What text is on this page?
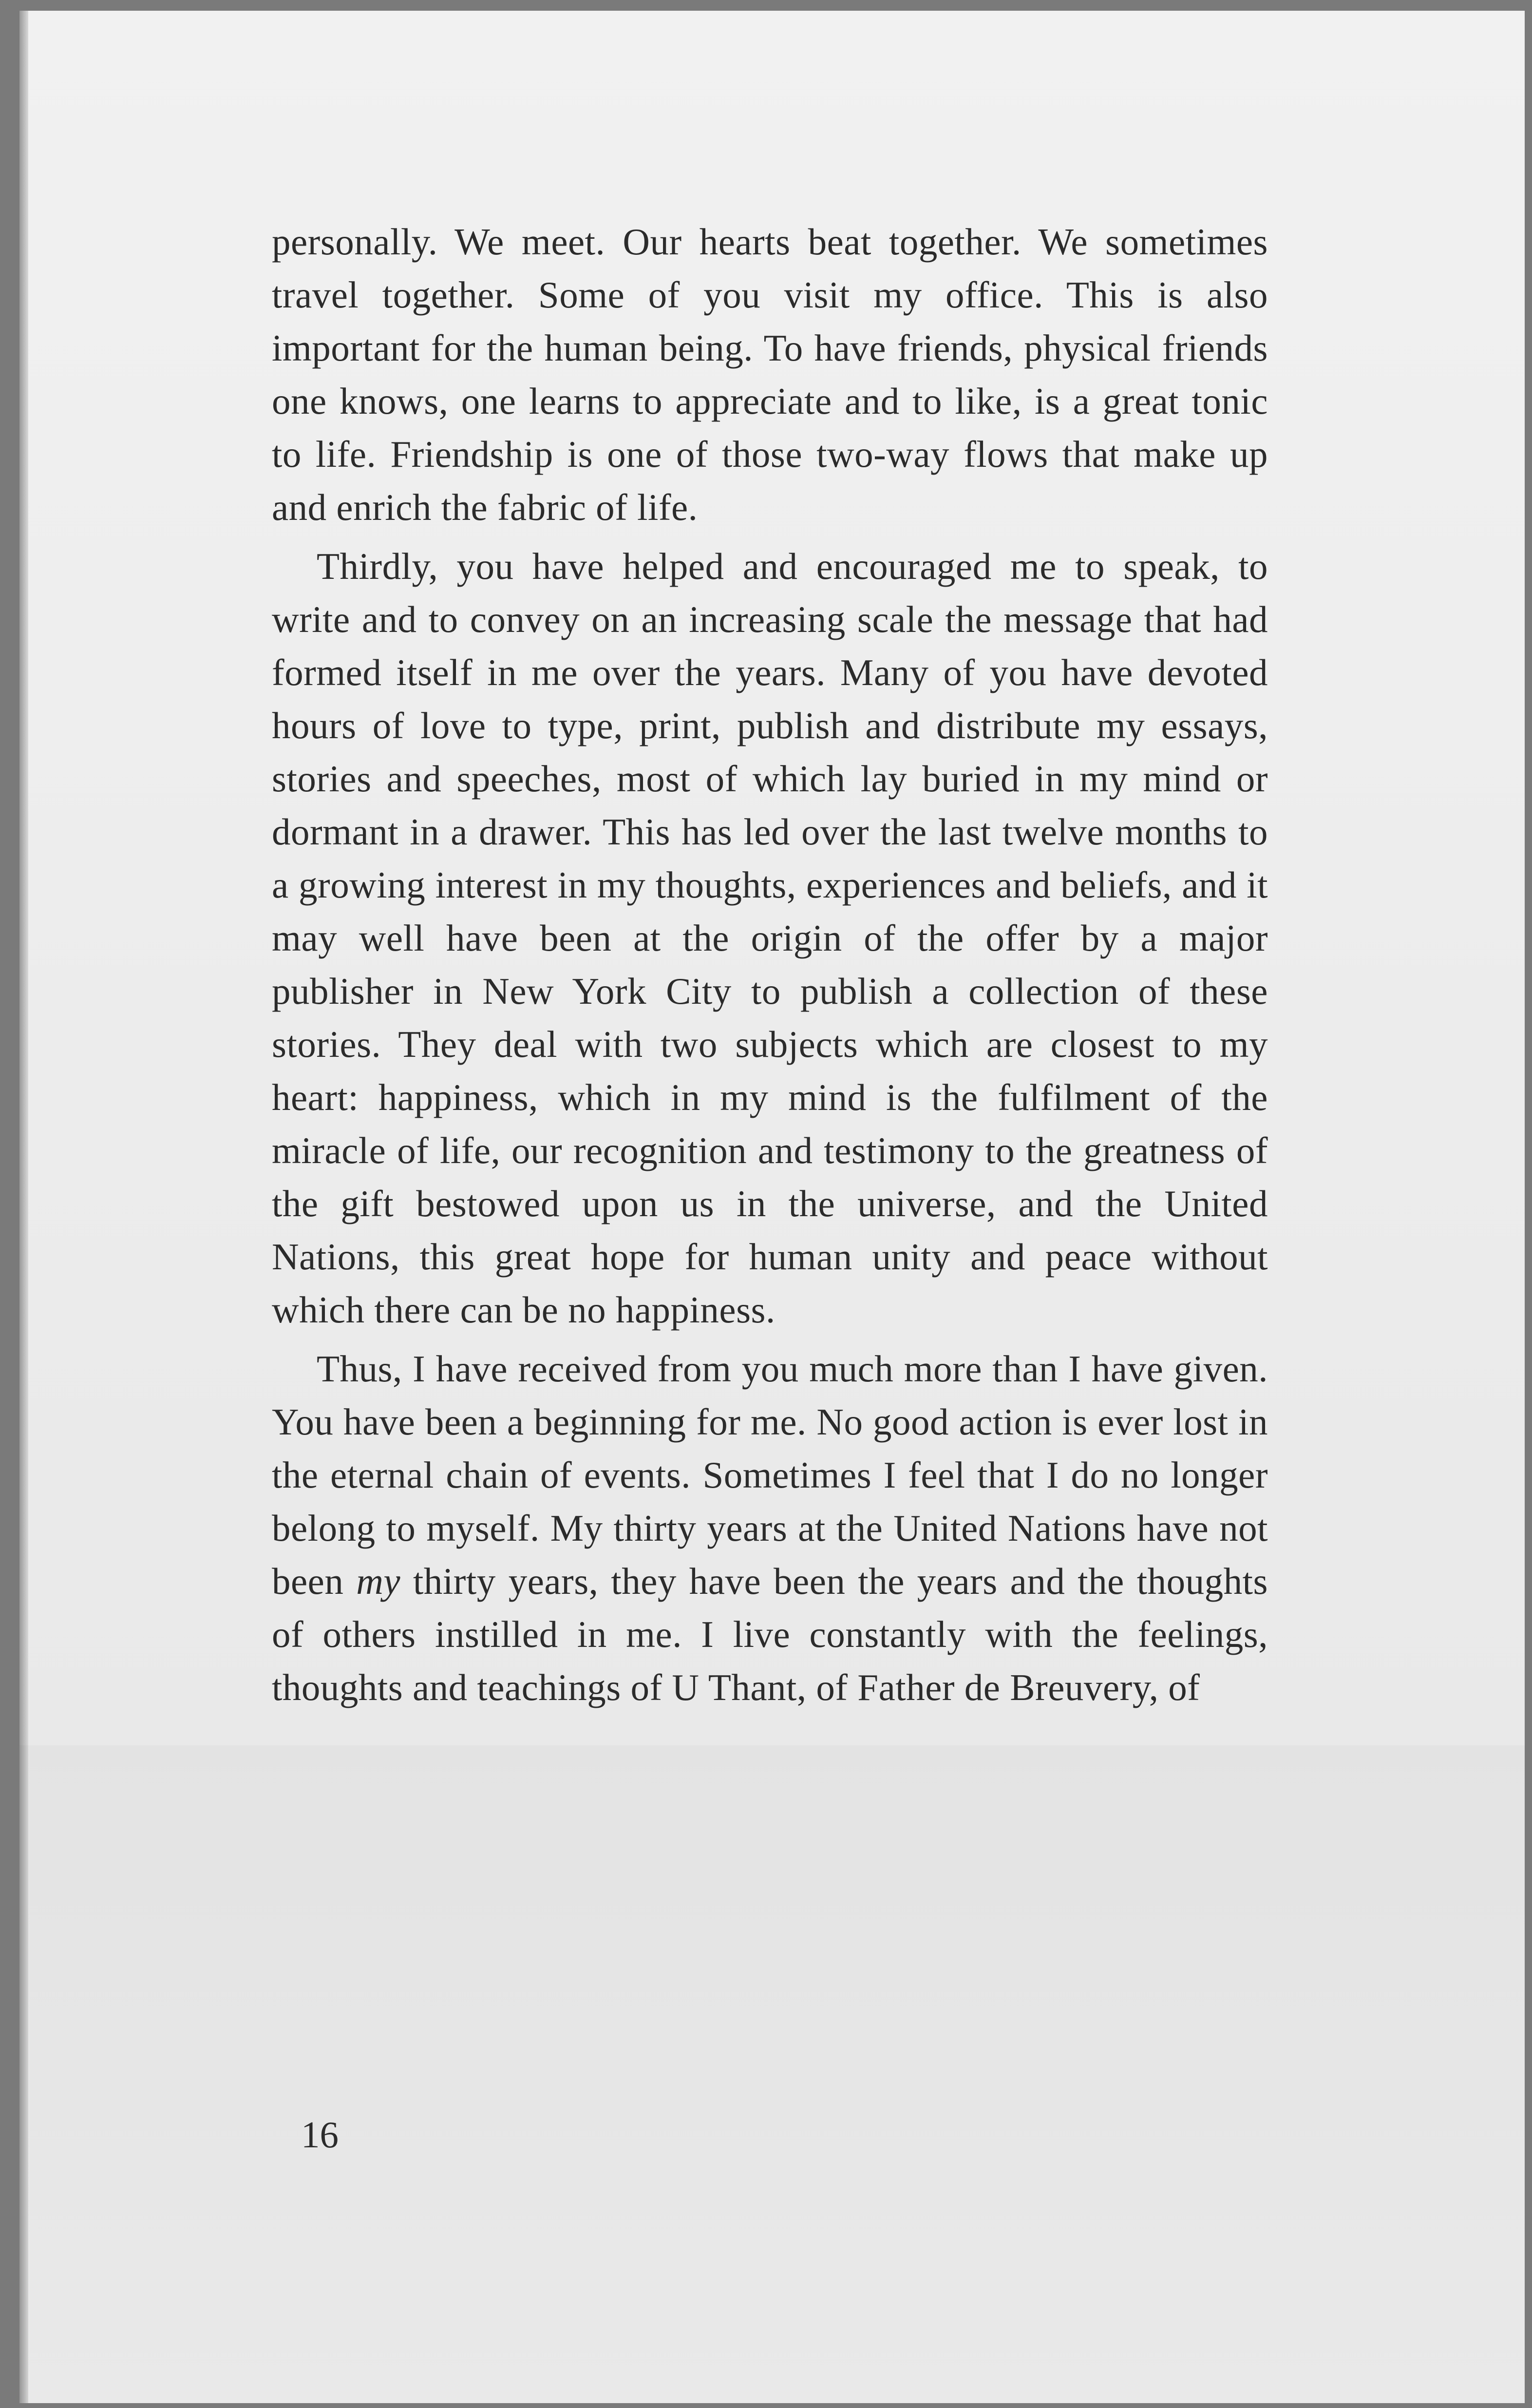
personally. We meet. Our hearts beat together. We sometimes travel together. Some of you visit my office. This is also important for the human being. To have friends, physical friends one knows, one learns to appreciate and to like, is a great tonic to life. Friendship is one of those two-way flows that make up and enrich the fabric of life.

Thirdly, you have helped and encouraged me to speak, to write and to convey on an increasing scale the message that had formed itself in me over the years. Many of you have devoted hours of love to type, print, publish and distribute my essays, stories and speeches, most of which lay buried in my mind or dormant in a drawer. This has led over the last twelve months to a growing interest in my thoughts, experiences and beliefs, and it may well have been at the origin of the offer by a major publisher in New York City to publish a collection of these stories. They deal with two subjects which are closest to my heart: happiness, which in my mind is the fulfilment of the miracle of life, our recognition and testimony to the greatness of the gift bestowed upon us in the universe, and the United Nations, this great hope for human unity and peace without which there can be no happiness.

Thus, I have received from you much more than I have given. You have been a beginning for me. No good action is ever lost in the eternal chain of events. Sometimes I feel that I do no longer belong to myself. My thirty years at the United Nations have not been my thirty years, they have been the years and the thoughts of others instilled in me. I live constantly with the feelings, thoughts and teachings of U Thant, of Father de Breuvery, of

16
